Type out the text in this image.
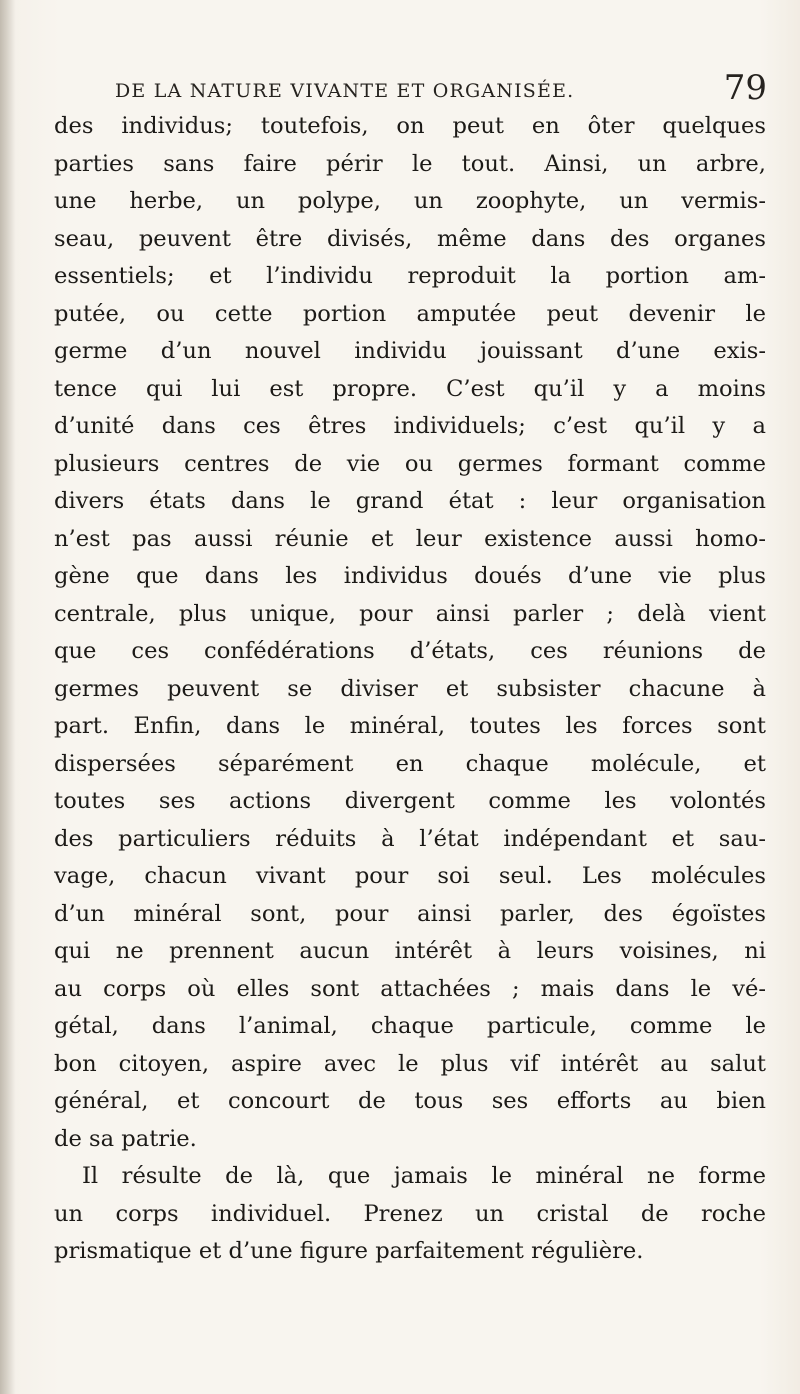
DE LA NATURE VIVANTE ET ORGANISÉE.	79
des individus; toutefois, on peut en ôter quelques
parties sans faire périr le tout. Ainsi, un arbre,
une herbe, un polype, un zoophyte, un vermis-
seau, peuvent être divisés, même dans des organes
essentiels; et l’individu reproduit la portion am-
putée, ou cette portion amputée peut devenir le
germe d’un nouvel individu jouissant d’une exis-
tence qui lui est propre. C’est qu’il y a moins
d’unité dans ces êtres individuels; c’est qu’il y a
plusieurs centres de vie ou germes formant comme
divers états dans le grand état : leur organisation
n’est pas aussi réunie et leur existence aussi homo-
gène que dans les individus doués d’une vie plus
centrale, plus unique, pour ainsi parler ; delà vient
que ces confédérations d’états, ces réunions de
germes peuvent se diviser et subsister chacune à
part. Enfin, dans le minéral, toutes les forces sont
dispersées séparément en chaque molécule, et
toutes ses actions divergent comme les volontés
des particuliers réduits à l’état indépendant et sau-
vage, chacun vivant pour soi seul. Les molécules
d’un minéral sont, pour ainsi parler, des égoïstes
qui ne prennent aucun intérêt à leurs voisines, ni
au corps où elles sont attachées ; mais dans le vé-
gétal, dans l’animal, chaque particule, comme le
bon citoyen, aspire avec le plus vif intérêt au salut
général, et concourt de tous ses efforts au bien
de sa patrie.
Il résulte de là, que jamais le minéral ne forme
un corps individuel. Prenez un cristal de roche
prismatique et d’une figure parfaitement régulière.
